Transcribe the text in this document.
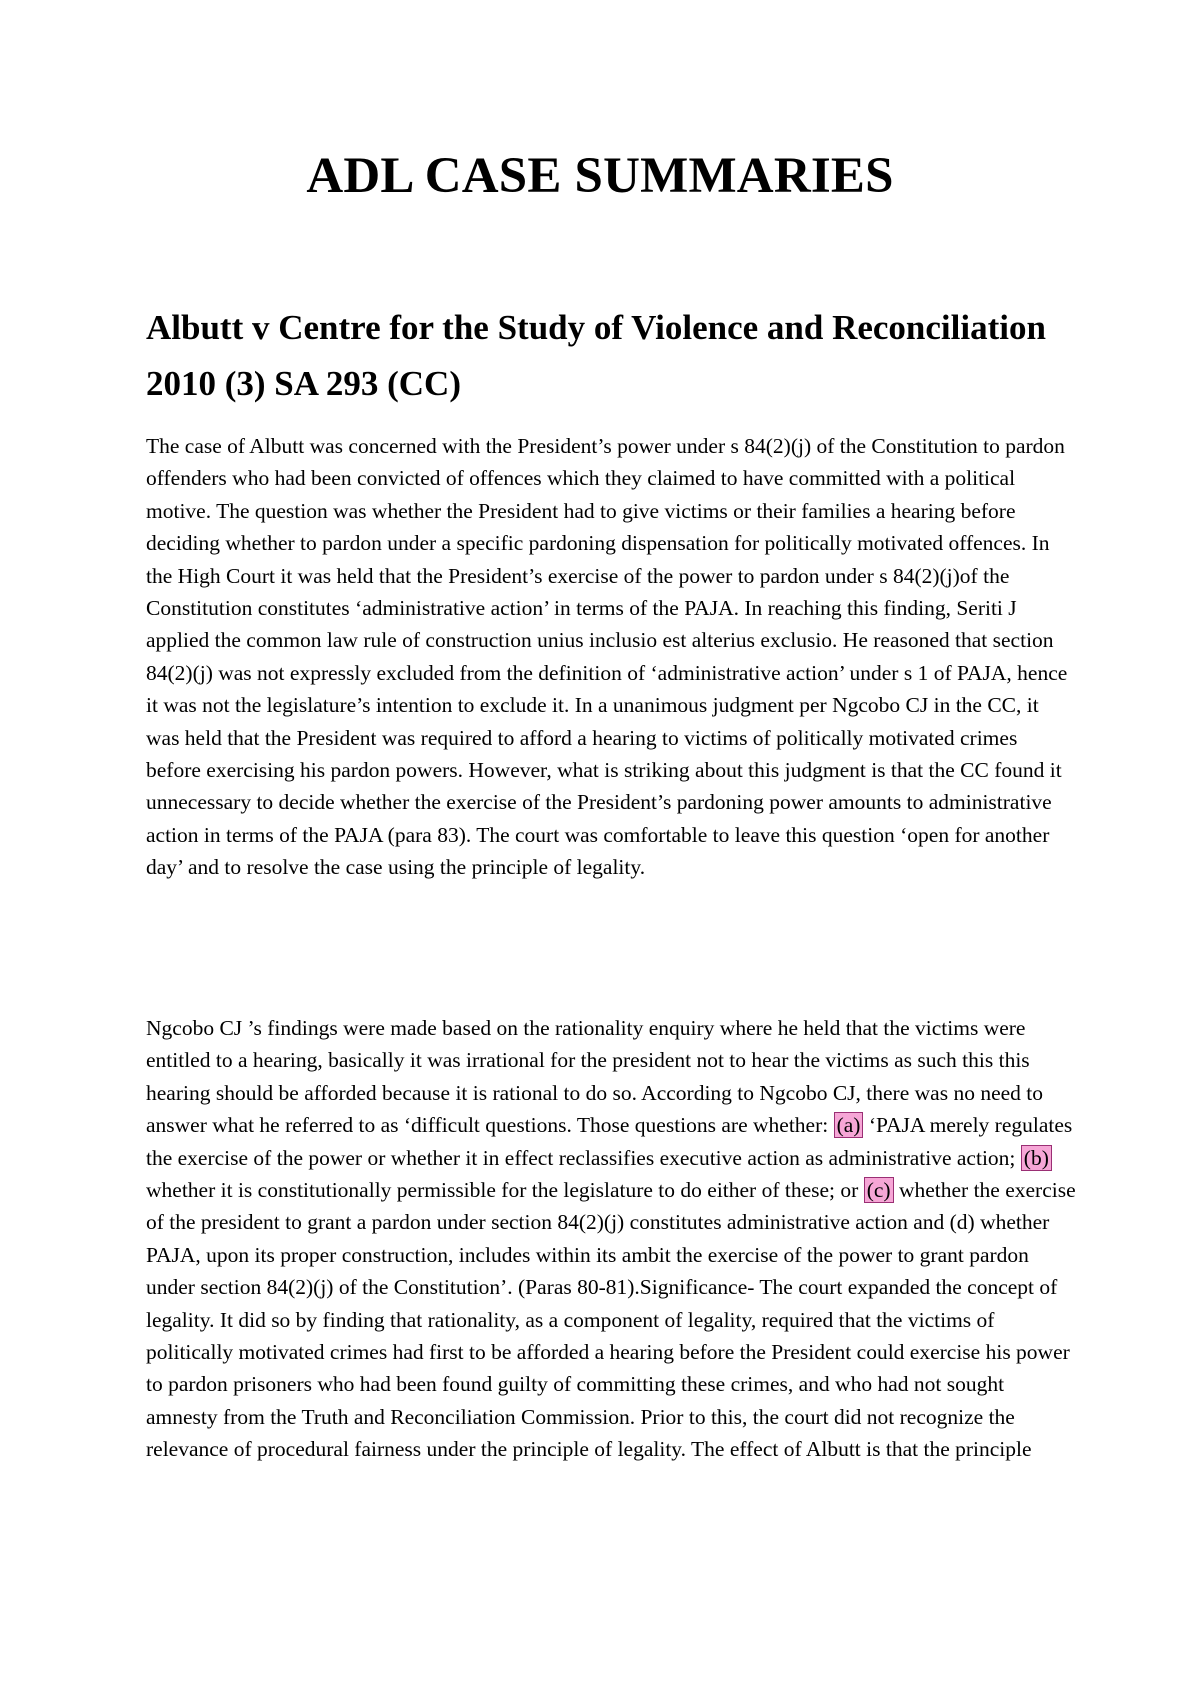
ADL CASE SUMMARIES
Albutt v Centre for the Study of Violence and Reconciliation 2010 (3) SA 293 (CC)

The case of Albutt was concerned with the President’s power under s 84(2)(j) of the Constitution to pardon offenders who had been convicted of offences which they claimed to have committed with a political motive. The question was whether the President had to give victims or their families a hearing before deciding whether to pardon under a specific pardoning dispensation for politically motivated offences. In the High Court it was held that the President’s exercise of the power to pardon under s 84(2)(j)of the Constitution constitutes ‘administrative action’ in terms of the PAJA. In reaching this finding, Seriti J applied the common law rule of construction unius inclusio est alterius exclusio. He reasoned that section 84(2)(j) was not expressly excluded from the definition of ‘administrative action’ under s 1 of PAJA, hence it was not the legislature’s intention to exclude it. In a unanimous judgment per Ngcobo CJ in the CC, it was held that the President was required to afford a hearing to victims of politically motivated crimes before exercising his pardon powers. However, what is striking about this judgment is that the CC found it unnecessary to decide whether the exercise of the President’s pardoning power amounts to administrative action in terms of the PAJA (para 83). The court was comfortable to leave this question ‘open for another day’ and to resolve the case using the principle of legality.

Ngcobo CJ ’s findings were made based on the rationality enquiry where he held that the victims were entitled to a hearing, basically it was irrational for the president not to hear the victims as such this this hearing should be afforded because it is rational to do so. According to Ngcobo CJ, there was no need to answer what he referred to as ‘difficult questions. Those questions are whether: (a) ‘PAJA merely regulates the exercise of the power or whether it in effect reclassifies executive action as administrative action; (b) whether it is constitutionally permissible for the legislature to do either of these; or (c) whether the exercise of the president to grant a pardon under section 84(2)(j) constitutes administrative action and (d) whether PAJA, upon its proper construction, includes within its ambit the exercise of the power to grant pardon under section 84(2)(j) of the Constitution’. (Paras 80-81).Significance- The court expanded the concept of legality. It did so by finding that rationality, as a component of legality, required that the victims of politically motivated crimes had first to be afforded a hearing before the President could exercise his power to pardon prisoners who had been found guilty of committing these crimes, and who had not sought amnesty from the Truth and Reconciliation Commission. Prior to this, the court did not recognize the relevance of procedural fairness under the principle of legality. The effect of Albutt is that the principle
